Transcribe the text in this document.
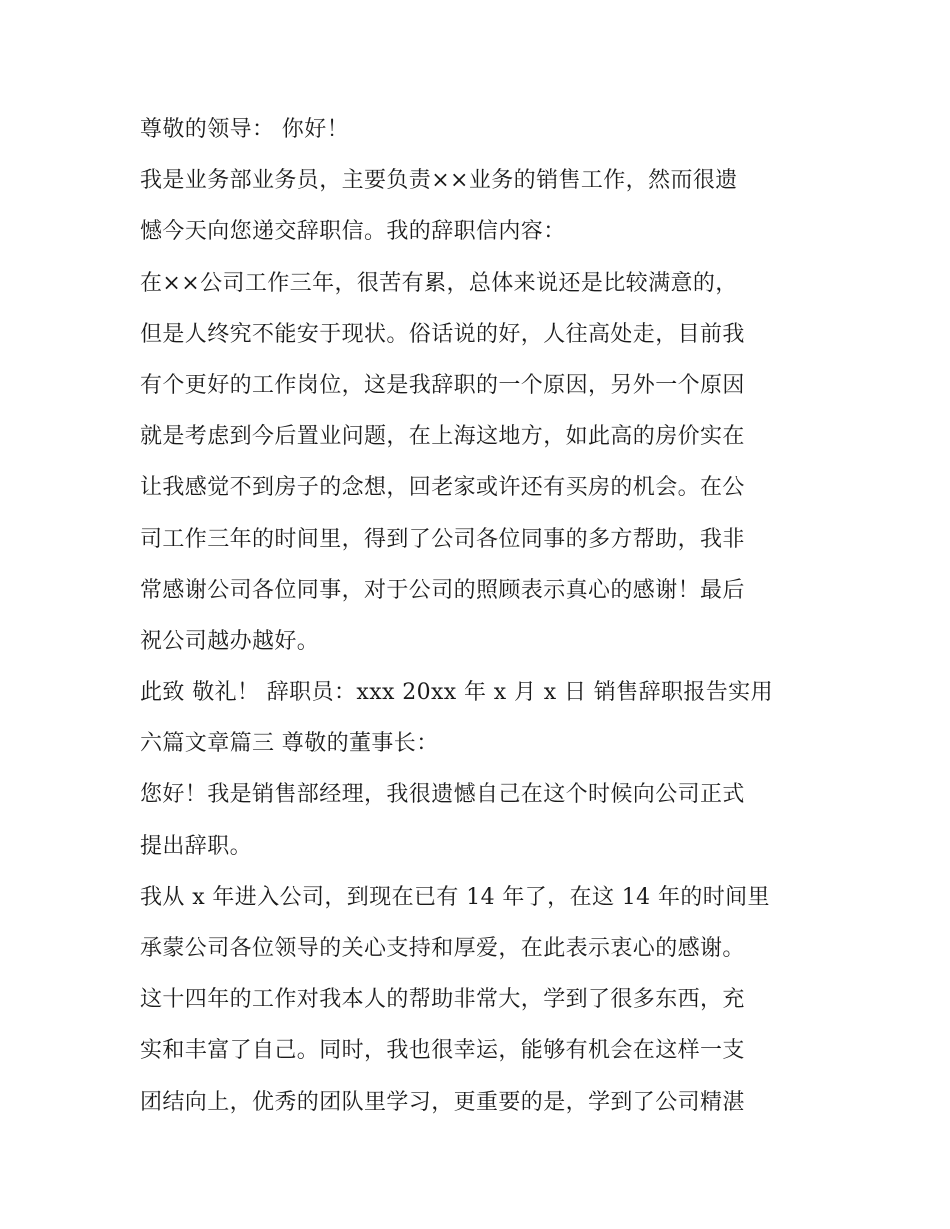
尊敬的领导： 你好！
我是业务部业务员，主要负责××业务的销售工作，然而很遗
憾今天向您递交辞职信。我的辞职信内容：
在××公司工作三年，很苦有累，总体来说还是比较满意的，
但是人终究不能安于现状。俗话说的好，人往高处走，目前我
有个更好的工作岗位，这是我辞职的一个原因，另外一个原因
就是考虑到今后置业问题，在上海这地方，如此高的房价实在
让我感觉不到房子的念想，回老家或许还有买房的机会。在公
司工作三年的时间里，得到了公司各位同事的多方帮助，我非
常感谢公司各位同事，对于公司的照顾表示真心的感谢！最后
祝公司越办越好。
此致 敬礼！ 辞职员：xxx 20xx 年 x 月 x 日 销售辞职报告实用
六篇文章篇三 尊敬的董事长：
您好！我是销售部经理，我很遗憾自己在这个时候向公司正式
提出辞职。
我从 x 年进入公司，到现在已有 14 年了，在这 14 年的时间里
承蒙公司各位领导的关心支持和厚爱，在此表示衷心的感谢。
这十四年的工作对我本人的帮助非常大，学到了很多东西，充
实和丰富了自己。同时，我也很幸运，能够有机会在这样一支
团结向上，优秀的团队里学习，更重要的是，学到了公司精湛
